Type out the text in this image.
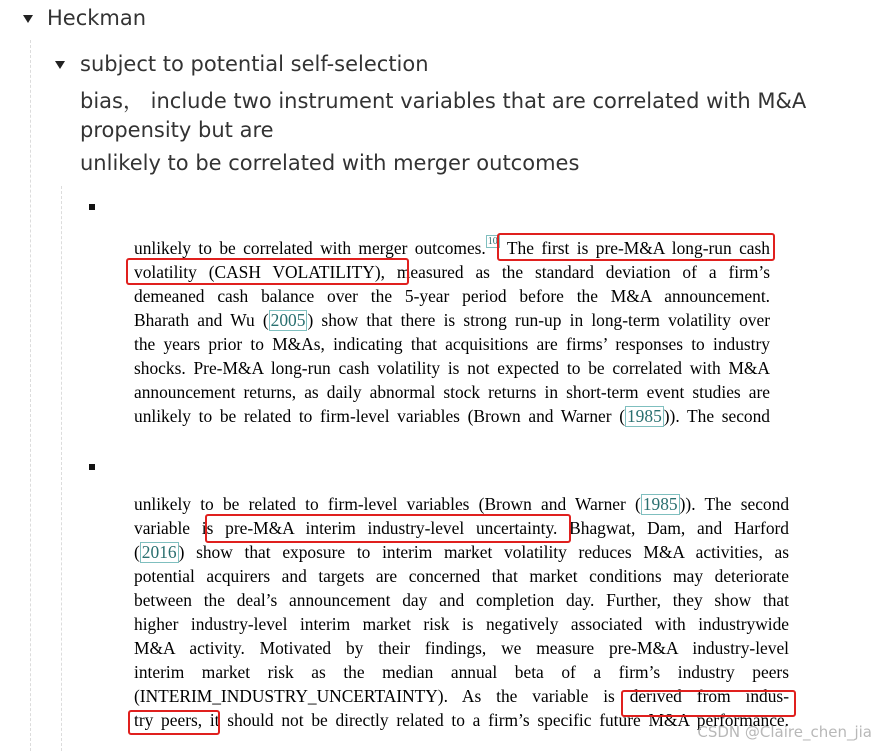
Heckman
subject to potential self-selection
bias， include two instrument variables that are correlated with M&A
propensity but are
unlikely to be correlated with merger outcomes
unlikely to be correlated with merger outcomes. $^{10}$ The first is pre-M&A long-run cash
volatility (CASH VOLATILITY), measured as the standard deviation of a firm’s
demeaned cash balance over the 5-year period before the M&A announcement.
Bharath and Wu ( 2005 ) show that there is strong run-up in long-term volatility over
the years prior to M&As, indicating that acquisitions are firms’ responses to industry
shocks. Pre-M&A long-run cash volatility is not expected to be correlated with M&A
announcement returns, as daily abnormal stock returns in short-term event studies are
unlikely to be related to firm-level variables (Brown and Warner ( 1985 )). The second
unlikely to be related to firm-level variables (Brown and Warner ( 1985 )). The second
variable is pre-M&A interim industry-level uncertainty. Bhagwat, Dam, and Harford
( 2016 ) show that exposure to interim market volatility reduces M&A activities, as
potential acquirers and targets are concerned that market conditions may deteriorate
between the deal’s announcement day and completion day. Further, they show that
higher industry-level interim market risk is negatively associated with industrywide
M&A activity. Motivated by their findings, we measure pre-M&A industry-level
interim market risk as the median annual beta of a firm’s industry peers
(INTERIM_INDUSTRY_UNCERTAINTY). As the variable is derived from indus-
try peers, it should not be directly related to a firm’s specific future M&A performance.
CSDN @Claire_chen_jia
